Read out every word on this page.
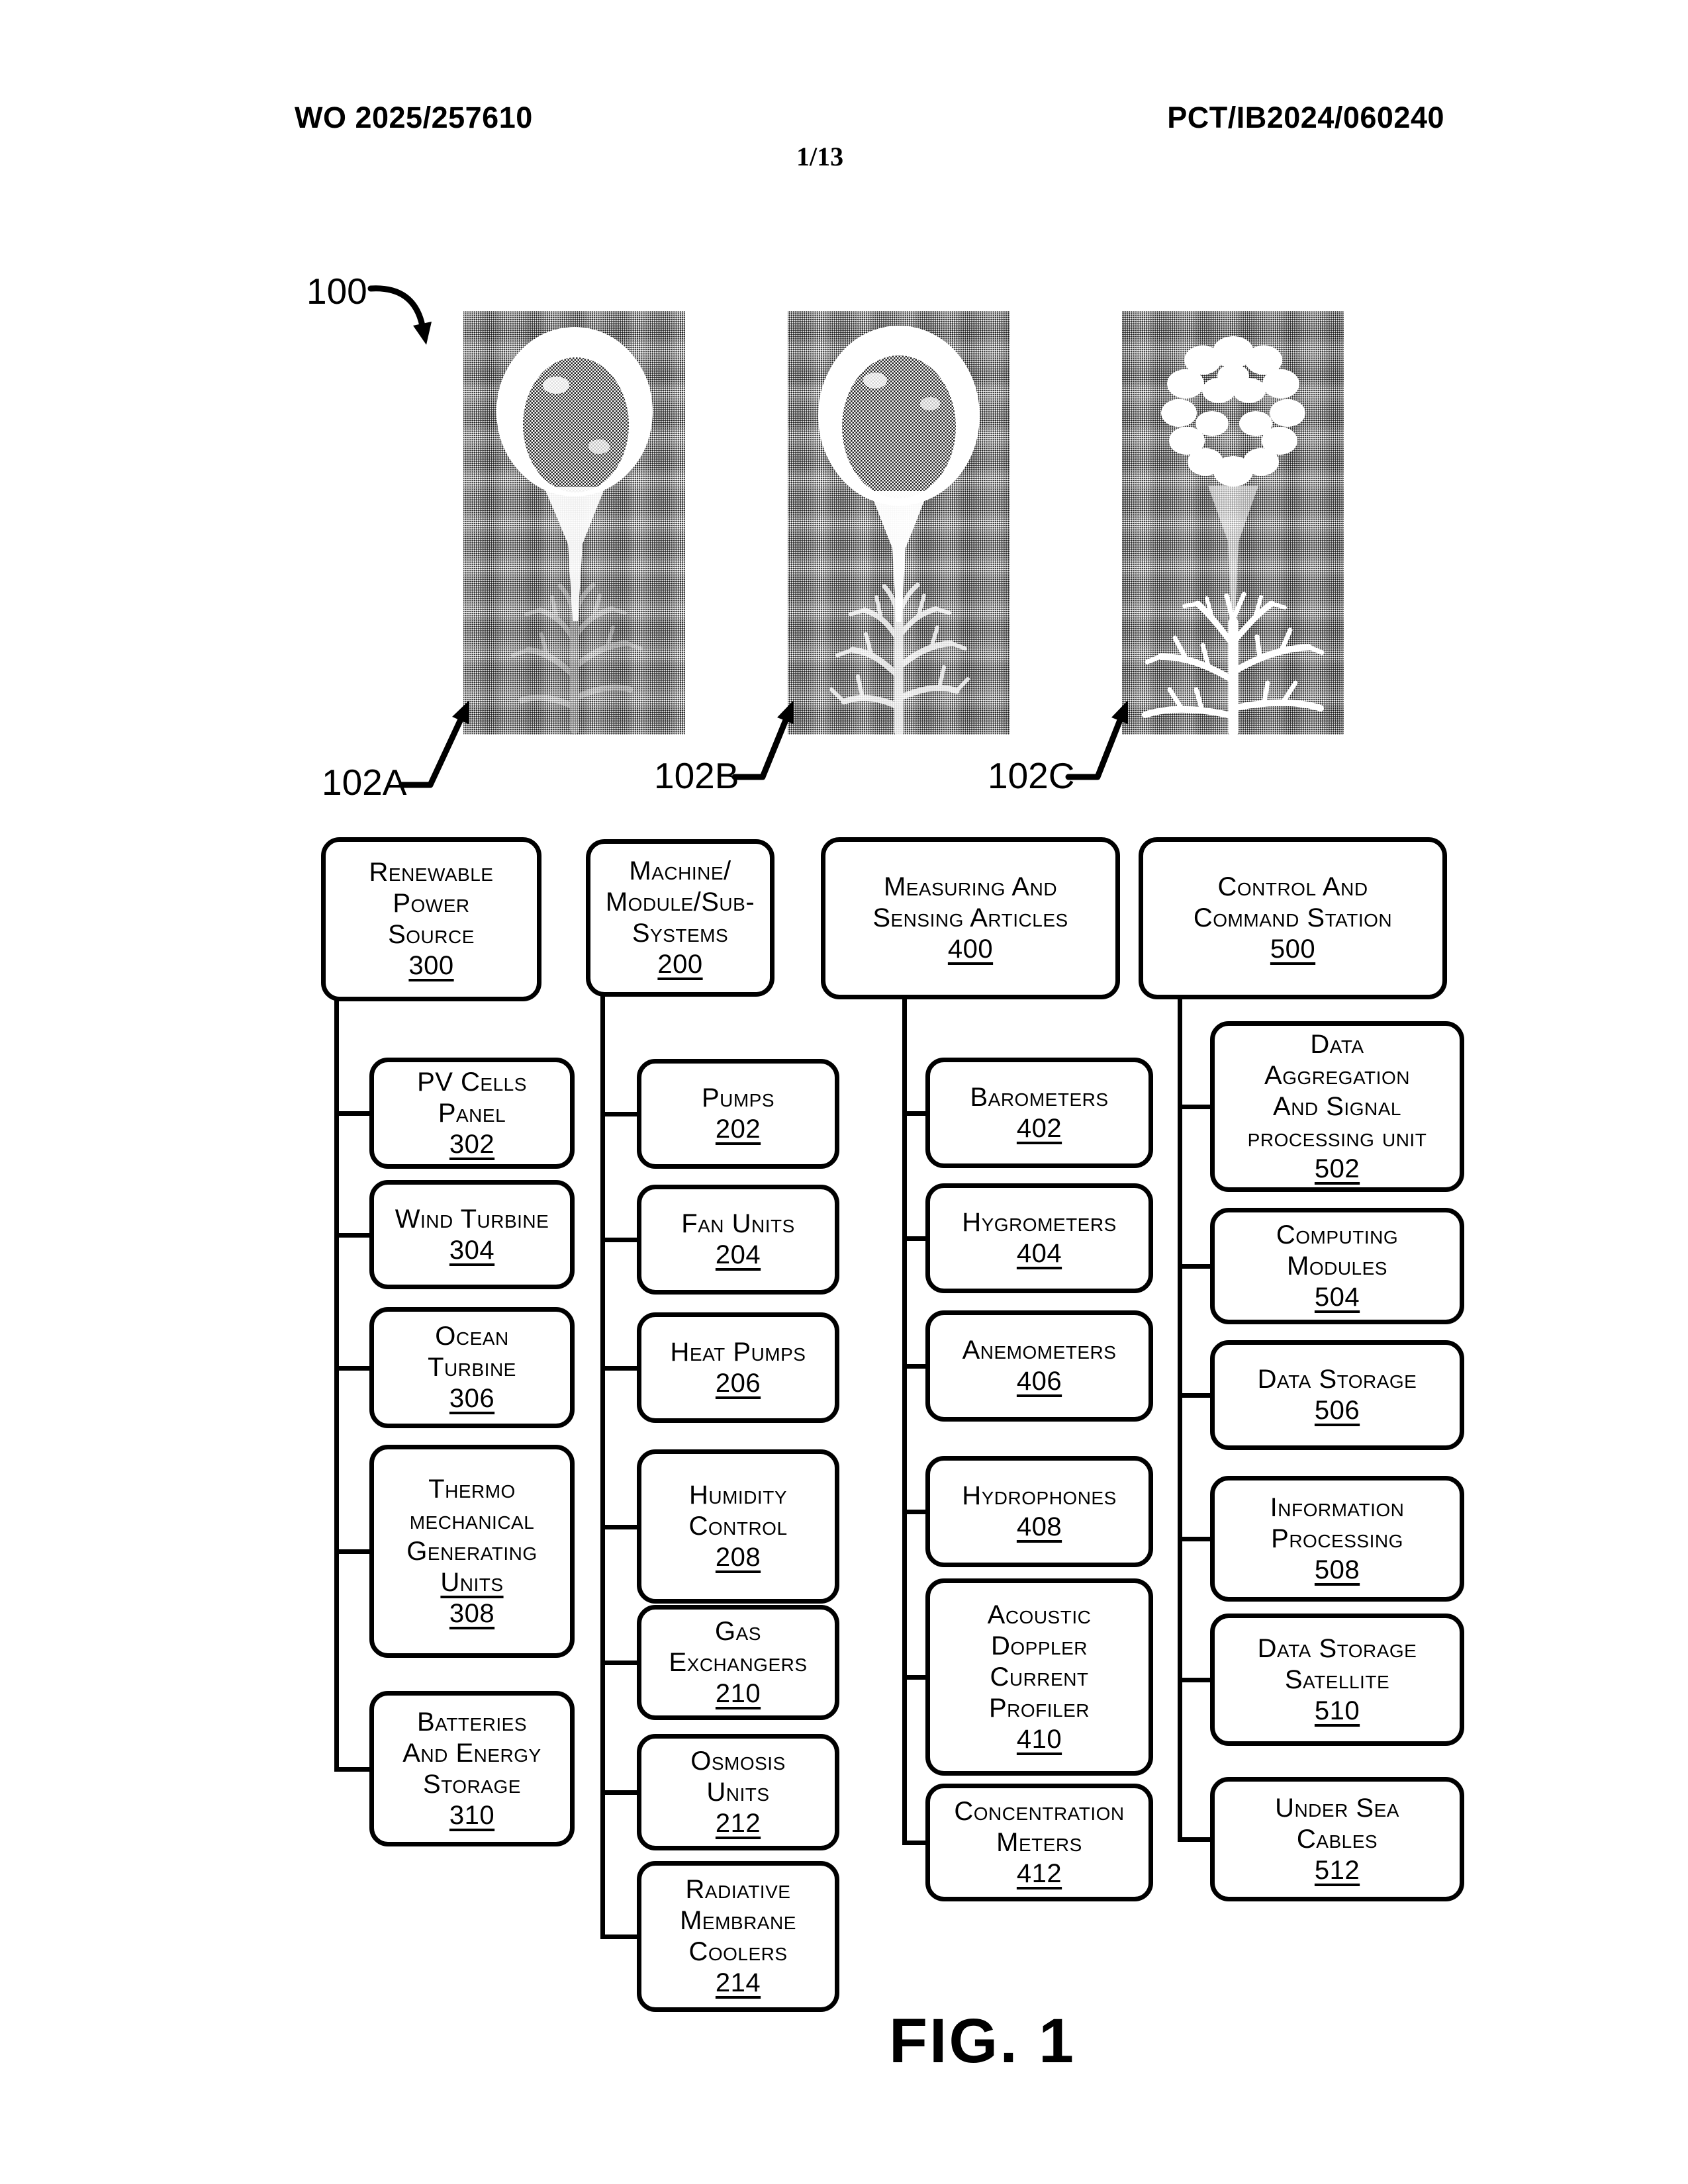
WO 2025/257610	PCT/IB2024/060240
1/13
100
102A	102B	102C
FIG. 1
Renewable
Power
Source
300
PV Cells
Panel
302
Wind Turbine
304
Ocean
Turbine
306
Thermo
mechanical
Generating
Units
308
Batteries
And Energy
Storage
310
Machine/
Module/Sub-
Systems
200
Pumps
202
Fan Units
204
Heat Pumps
206
Humidity
Control
208
Gas
Exchangers
210
Osmosis
Units
212
Radiative
Membrane
Coolers
214
Measuring And
Sensing Articles
400
Barometers
402
Hygrometers
404
Anemometers
406
Hydrophones
408
Acoustic
Doppler
Current
Profiler
410
Concentration
Meters
412
Control And
Command Station
500
Data
Aggregation
And Signal
processing unit
502
Computing
Modules
504
Data Storage
506
Information
Processing
508
Data Storage
Satellite
510
Under Sea
Cables
512
